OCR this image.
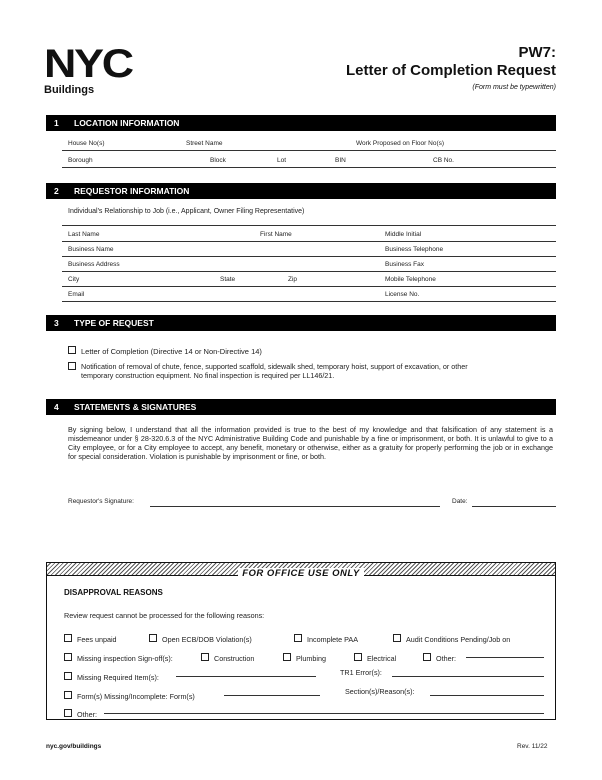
NYC
Buildings
PW7:
Letter of Completion Request
(Form must be typewritten)
1 LOCATION INFORMATION
House No(s)	Street Name	Work Proposed on Floor No(s)
Borough	Block	Lot	BIN	CB No.
2 REQUESTOR INFORMATION
Individual's Relationship to Job (i.e., Applicant, Owner Filing Representative)
Last Name	First Name	Middle Initial
Business Name	Business Telephone
Business Address	Business Fax
City	State	Zip	Mobile Telephone
Email	License No.
3 TYPE OF REQUEST
Letter of Completion (Directive 14 or Non-Directive 14)
Notification of removal of chute, fence, supported scaffold, sidewalk shed, temporary hoist, support of excavation, or other
temporary construction equipment. No final inspection is required per LL146/21.
4 STATEMENTS & SIGNATURES
By signing below, I understand that all the information provided is true to the best of my knowledge and that falsification of any statement is a misdemeanor under § 28-320.6.3 of the NYC Administrative Building Code and punishable by a fine or imprisonment, or both. It is unlawful to give to a City employee, or for a City employee to accept, any benefit, monetary or otherwise, either as a gratuity for properly performing the job or in exchange for special consideration. Violation is punishable by imprisonment or fine, or both.
Requestor's Signature:	Date:
FOR OFFICE USE ONLY
DISAPPROVAL REASONS
Review request cannot be processed for the following reasons:
Fees unpaid	Open ECB/DOB Violation(s)	Incomplete PAA	Audit Conditions Pending/Job on
Missing inspection Sign-off(s):	Construction	Plumbing	Electrical	Other:
Missing Required Item(s):
TR1 Error(s):
Form(s) Missing/Incomplete: Form(s)
Section(s)/Reason(s):
Other:
nyc.gov/buildings	Rev. 11/22
